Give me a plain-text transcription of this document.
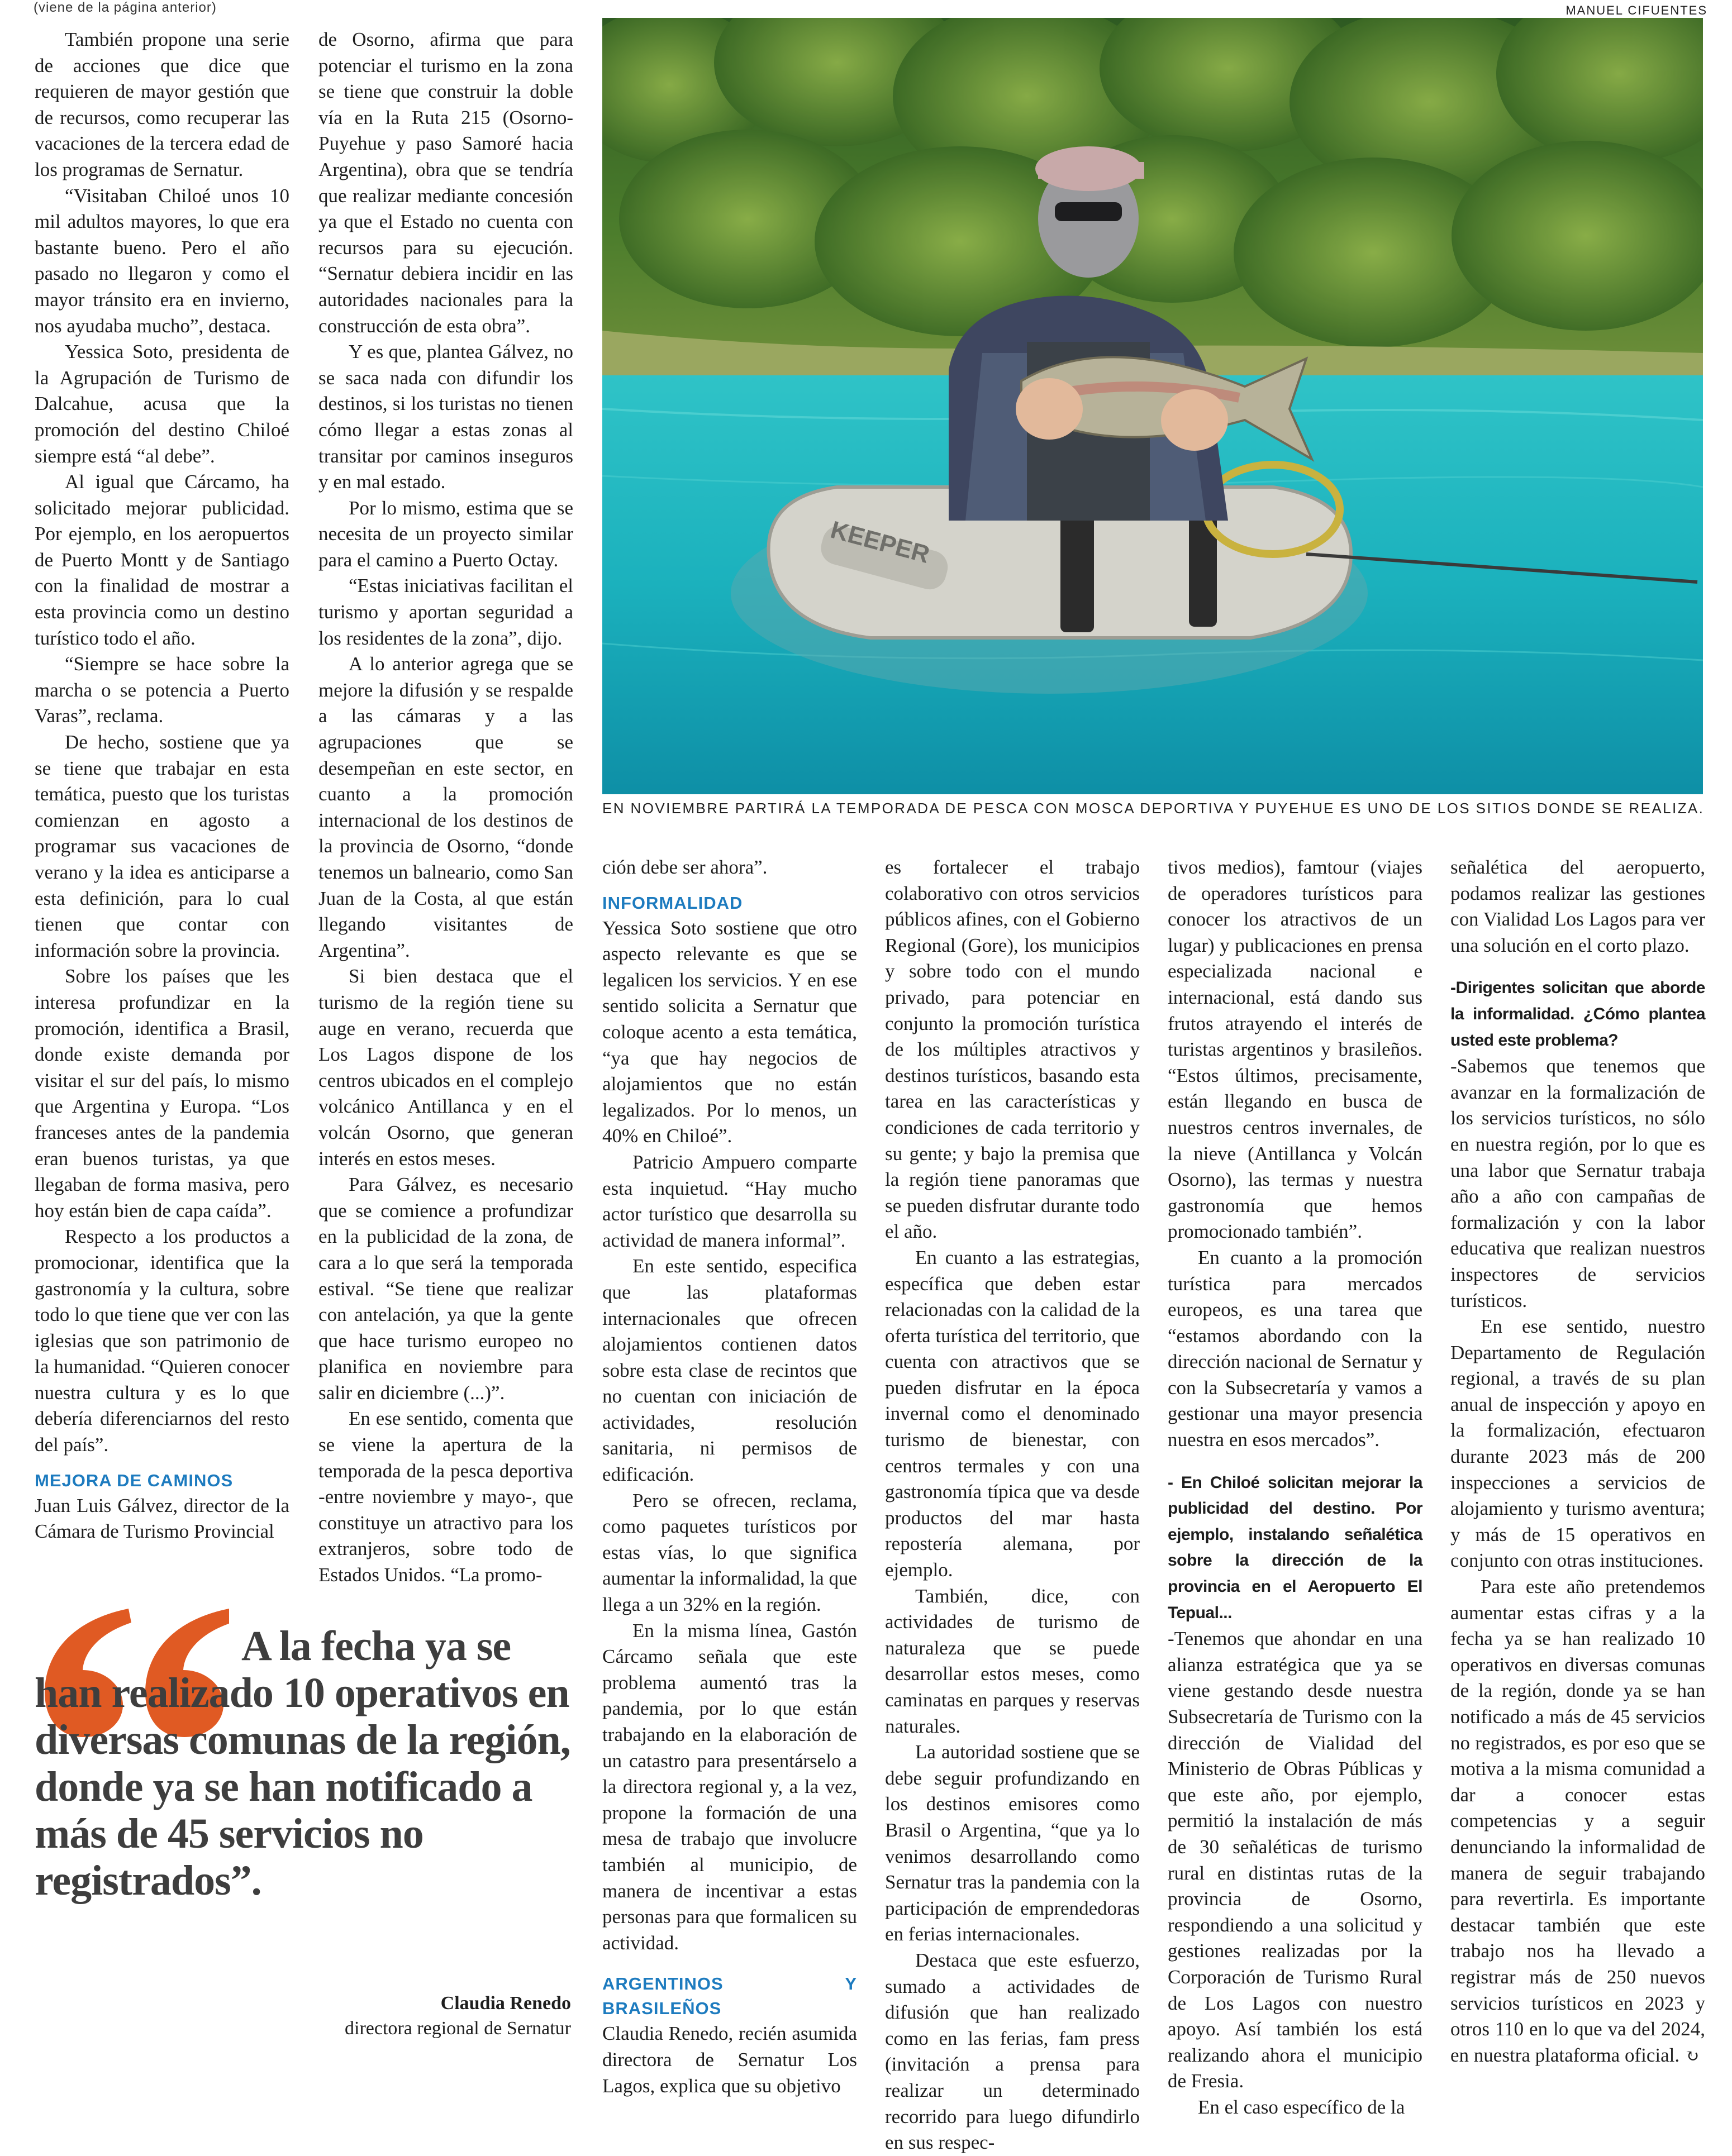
(viene de la página anterior)	MANUEL CIFUENTES

También propone una serie de acciones que dice que requieren de mayor gestión que de recursos, como recuperar las vacaciones de la tercera edad de los programas de Sernatur.

“Visitaban Chiloé unos 10 mil adultos mayores, lo que era bastante bueno. Pero el año pasado no llegaron y como el mayor tránsito era en invierno, nos ayudaba mucho”, destaca.

Yessica Soto, presidenta de la Agrupación de Turismo de Dalcahue, acusa que la promoción del destino Chiloé siempre está “al debe”.

Al igual que Cárcamo, ha solicitado mejorar publicidad. Por ejemplo, en los aeropuertos de Puerto Montt y de Santiago con la finalidad de mostrar a esta provincia como un destino turístico todo el año.

“Siempre se hace sobre la marcha o se potencia a Puerto Varas”, reclama.

De hecho, sostiene que ya se tiene que trabajar en esta temática, puesto que los turistas comienzan en agosto a programar sus vacaciones de verano y la idea es anticiparse a esta definición, para lo cual tienen que contar con información sobre la provincia.

Sobre los países que les interesa profundizar en la promoción, identifica a Brasil, donde existe demanda por visitar el sur del país, lo mismo que Argentina y Europa. “Los franceses antes de la pandemia eran buenos turistas, ya que llegaban de forma masiva, pero hoy están bien de capa caída”.

Respecto a los productos a promocionar, identifica que la gastronomía y la cultura, sobre todo lo que tiene que ver con las iglesias que son patrimonio de la humanidad. “Quieren conocer nuestra cultura y es lo que debería diferenciarnos del resto del país”.

MEJORA DE CAMINOS

Juan Luis Gálvez, director de la Cámara de Turismo Provincial

de Osorno, afirma que para potenciar el turismo en la zona se tiene que construir la doble vía en la Ruta 215 (Osorno-Puyehue y paso Samoré hacia Argentina), obra que se tendría que realizar mediante concesión ya que el Estado no cuenta con recursos para su ejecución. “Sernatur debiera incidir en las autoridades nacionales para la construcción de esta obra”.

Y es que, plantea Gálvez, no se saca nada con difundir los destinos, si los turistas no tienen cómo llegar a estas zonas al transitar por caminos inseguros y en mal estado.

Por lo mismo, estima que se necesita de un proyecto similar para el camino a Puerto Octay.

“Estas iniciativas facilitan el turismo y aportan seguridad a los residentes de la zona”, dijo.

A lo anterior agrega que se mejore la difusión y se respalde a las cámaras y a las agrupaciones que se desempeñan en este sector, en cuanto a la promoción internacional de los destinos de la provincia de Osorno, “donde tenemos un balneario, como San Juan de la Costa, al que están llegando visitantes de Argentina”.

Si bien destaca que el turismo de la región tiene su auge en verano, recuerda que Los Lagos dispone de los centros ubicados en el complejo volcánico Antillanca y en el volcán Osorno, que generan interés en estos meses.

Para Gálvez, es necesario que se comience a profundizar en la publicidad de la zona, de cara a lo que será la temporada estival. “Se tiene que realizar con antelación, ya que la gente que hace turismo europeo no planifica en noviembre para salir en diciembre (...)”.

En ese sentido, comenta que se viene la apertura de la temporada de la pesca deportiva -entre noviembre y mayo-, que constituye un atractivo para los extranjeros, sobre todo de Estados Unidos. “La promo-

KEEPER
EN NOVIEMBRE PARTIRÁ LA TEMPORADA DE PESCA CON MOSCA DEPORTIVA Y PUYEHUE ES UNO DE LOS SITIOS DONDE SE REALIZA.

ción debe ser ahora”.

INFORMALIDAD

Yessica Soto sostiene que otro aspecto relevante es que se legalicen los servicios. Y en ese sentido solicita a Sernatur que coloque acento a esta temática, “ya que hay negocios de alojamientos que no están legalizados. Por lo menos, un 40% en Chiloé”.

Patricio Ampuero comparte esta inquietud. “Hay mucho actor turístico que desarrolla su actividad de manera informal”.

En este sentido, especifica que las plataformas internacionales que ofrecen alojamientos contienen datos sobre esta clase de recintos que no cuentan con iniciación de actividades, resolución sanitaria, ni permisos de edificación.

Pero se ofrecen, reclama, como paquetes turísticos por estas vías, lo que significa aumentar la informalidad, la que llega a un 32% en la región.

En la misma línea, Gastón Cárcamo señala que este problema aumentó tras la pandemia, por lo que están trabajando en la elaboración de un catastro para presentárselo a la directora regional y, a la vez, propone la formación de una mesa de trabajo que involucre también al municipio, de manera de incentivar a estas personas para que formalicen su actividad.

ARGENTINOS Y BRASILEÑOS

Claudia Renedo, recién asumida directora de Sernatur Los Lagos, explica que su objetivo

es fortalecer el trabajo colaborativo con otros servicios públicos afines, con el Gobierno Regional (Gore), los municipios y sobre todo con el mundo privado, para potenciar en conjunto la promoción turística de los múltiples atractivos y destinos turísticos, basando esta tarea en las características y condiciones de cada territorio y su gente; y bajo la premisa que la región tiene panoramas que se pueden disfrutar durante todo el año.

En cuanto a las estrategias, específica que deben estar relacionadas con la calidad de la oferta turística del territorio, que cuenta con atractivos que se pueden disfrutar en la época invernal como el denominado turismo de bienestar, con centros termales y con una gastronomía típica que va desde productos del mar hasta repostería alemana, por ejemplo.

También, dice, con actividades de turismo de naturaleza que se puede desarrollar estos meses, como caminatas en parques y reservas naturales.

La autoridad sostiene que se debe seguir profundizando en los destinos emisores como Brasil o Argentina, “que ya lo venimos desarrollando como Sernatur tras la pandemia con la participación de emprendedoras en ferias internacionales.

Destaca que este esfuerzo, sumado a actividades de difusión que han realizado como en las ferias, fam press (invitación a prensa para realizar un determinado recorrido para luego difundirlo en sus respec-

tivos medios), famtour (viajes de operadores turísticos para conocer los atractivos de un lugar) y publicaciones en prensa especializada nacional e internacional, está dando sus frutos atrayendo el interés de turistas argentinos y brasileños. “Estos últimos, precisamente, están llegando en busca de nuestros centros invernales, de la nieve (Antillanca y Volcán Osorno), las termas y nuestra gastronomía que hemos promocionado también”.

En cuanto a la promoción turística para mercados europeos, es una tarea que “estamos abordando con la dirección nacional de Sernatur y con la Subsecretaría y vamos a gestionar una mayor presencia nuestra en esos mercados”.

- En Chiloé solicitan mejorar la publicidad del destino. Por ejemplo, instalando señalética sobre la dirección de la provincia en el Aeropuerto El Tepual...

-Tenemos que ahondar en una alianza estratégica que ya se viene gestando desde nuestra Subsecretaría de Turismo con la dirección de Vialidad del Ministerio de Obras Públicas y que este año, por ejemplo, permitió la instalación de más de 30 señaléticas de turismo rural en distintas rutas de la provincia de Osorno, respondiendo a una solicitud y gestiones realizadas por la Corporación de Turismo Rural de Los Lagos con nuestro apoyo. Así también los está realizando ahora el municipio de Fresia.

En el caso específico de la

señalética del aeropuerto, podamos realizar las gestiones con Vialidad Los Lagos para ver una solución en el corto plazo.

-Dirigentes solicitan que aborde la informalidad. ¿Cómo plantea usted este problema?

-Sabemos que tenemos que avanzar en la formalización de los servicios turísticos, no sólo en nuestra región, por lo que es una labor que Sernatur trabaja año a año con campañas de formalización y con la labor educativa que realizan nuestros inspectores de servicios turísticos.

En ese sentido, nuestro Departamento de Regulación regional, a través de su plan anual de inspección y apoyo en la formalización, efectuaron durante 2023 más de 200 inspecciones a servicios de alojamiento y turismo aventura; y más de 15 operativos en conjunto con otras instituciones.

Para este año pretendemos aumentar estas cifras y a la fecha ya se han realizado 10 operativos en diversas comunas de la región, donde ya se han notificado a más de 45 servicios no registrados, es por eso que se motiva a la misma comunidad a dar a conocer estas competencias y a seguir denunciando la informalidad de manera de seguir trabajando para revertirla. Es importante destacar también que este trabajo nos ha llevado a registrar más de 250 nuevos servicios turísticos en 2023 y otros 110 en lo que va del 2024, en nuestra plataforma oficial. ↻

A la fecha ya se han realizado 10 operativos en diversas comunas de la región, donde ya se han notificado a más de 45 servicios no registrados”.
Claudia Renedo
directora regional de Sernatur
